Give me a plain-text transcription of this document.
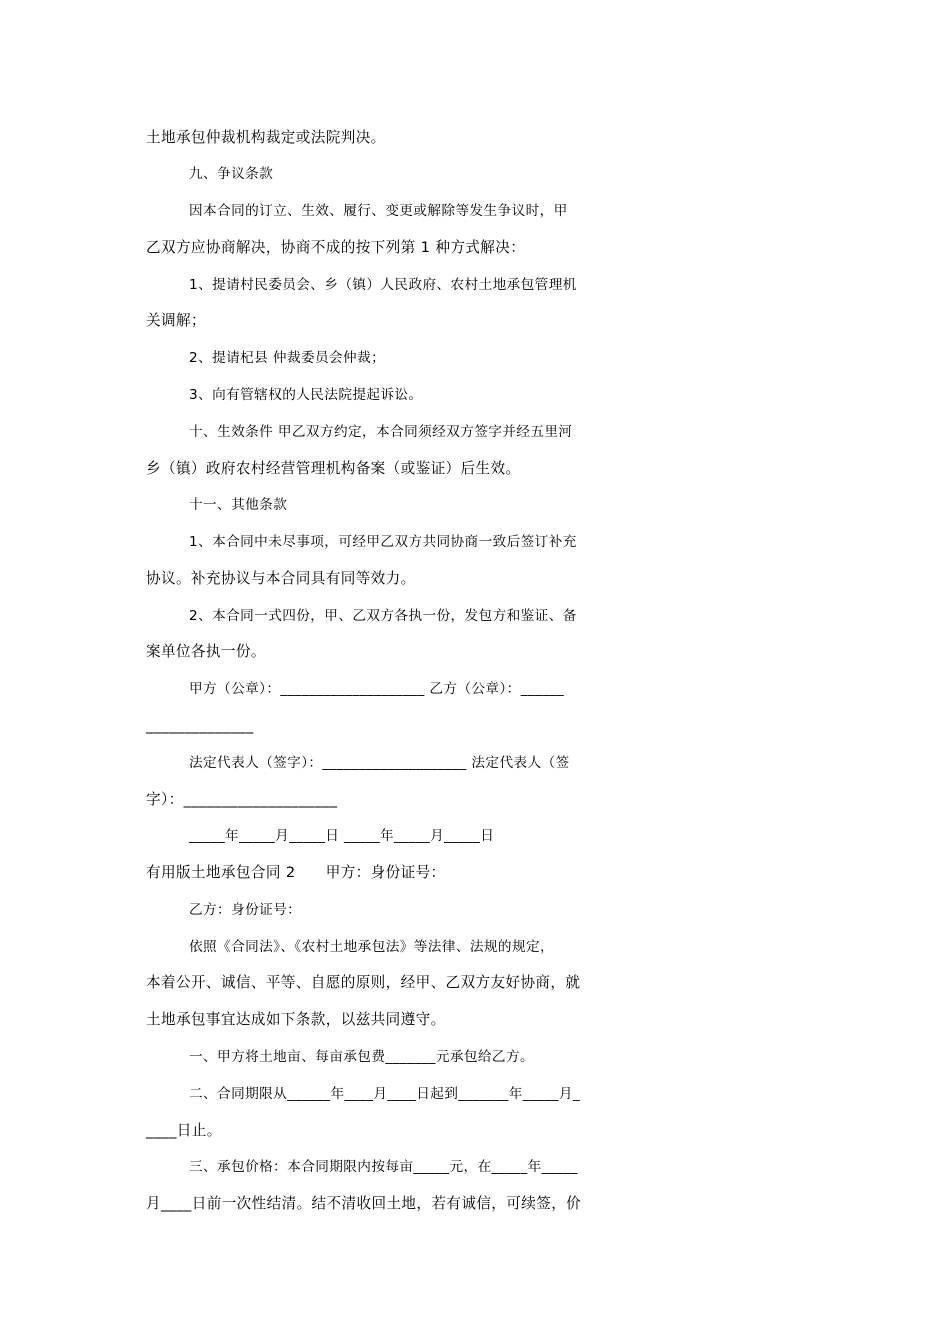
土地承包仲裁机构裁定或法院判决。
九、争议条款
因本合同的订立、生效、履行、变更或解除等发生争议时，甲
乙双方应协商解决，协商不成的按下列第 1 种方式解决：
1、提请村民委员会、乡（镇）人民政府、农村土地承包管理机
关调解；
2、提请杞县 仲裁委员会仲裁；
3、向有管辖权的人民法院提起诉讼。
十、生效条件 甲乙双方约定，本合同须经双方签字并经五里河
乡（镇）政府农村经营管理机构备案（或鉴证）后生效。
十一、其他条款
1、本合同中未尽事项，可经甲乙双方共同协商一致后签订补充
协议。补充协议与本合同具有同等效力。
2、本合同一式四份，甲、乙双方各执一份，发包方和鉴证、备
案单位各执一份。
甲方（公章）：____________________ 乙方（公章）：______
______________
法定代表人（签字）：____________________ 法定代表人（签
字）：____________________
_____年_____月_____日 _____年_____月_____日
有用版土地承包合同 2      甲方：身份证号：
乙方：身份证号：
依照《合同法》、《农村土地承包法》等法律、法规的规定，
本着公开、诚信、平等、自愿的原则，经甲、乙双方友好协商，就
土地承包事宜达成如下条款，以兹共同遵守。
一、甲方将土地亩、每亩承包费_______元承包给乙方。
二、合同期限从______年____月____日起到_______年_____月_
____日止。
三、承包价格：本合同期限内按每亩_____元，在_____年_____
月____日前一次性结清。结不清收回土地，若有诚信，可续签，价
